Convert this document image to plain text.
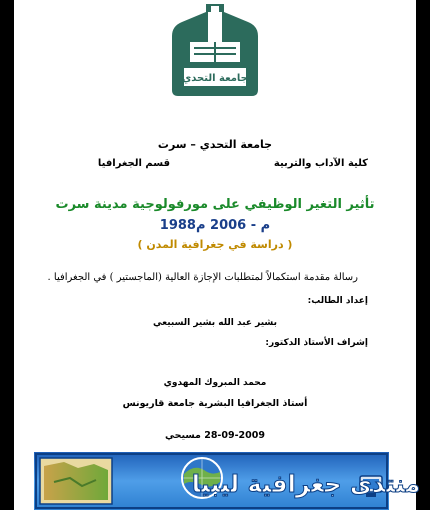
جامعة التحدي
جامعة التحدي – سرت
كلية الآداب والتربية
قسم الجغرافيا
تأثير التغير الوظيفي على مورفولوجية مدينة سرت
1988م - 2006 م
( دراسة في جغرافية المدن )
رسالة مقدمة استكمالاً لمتطلبات الإجازة العالية (الماجستير ) في الجغرافيا .
إعداد الطالب:
بشير عبد الله بشير السبيعي
إشراف الأستاذ الدكتور:
محمد المبروك المهدوي
أستاذ الجغرافيا البشرية جامعة قاريونس
28-09-2009 مسيحي
منتدى جغرافية ليبيا
